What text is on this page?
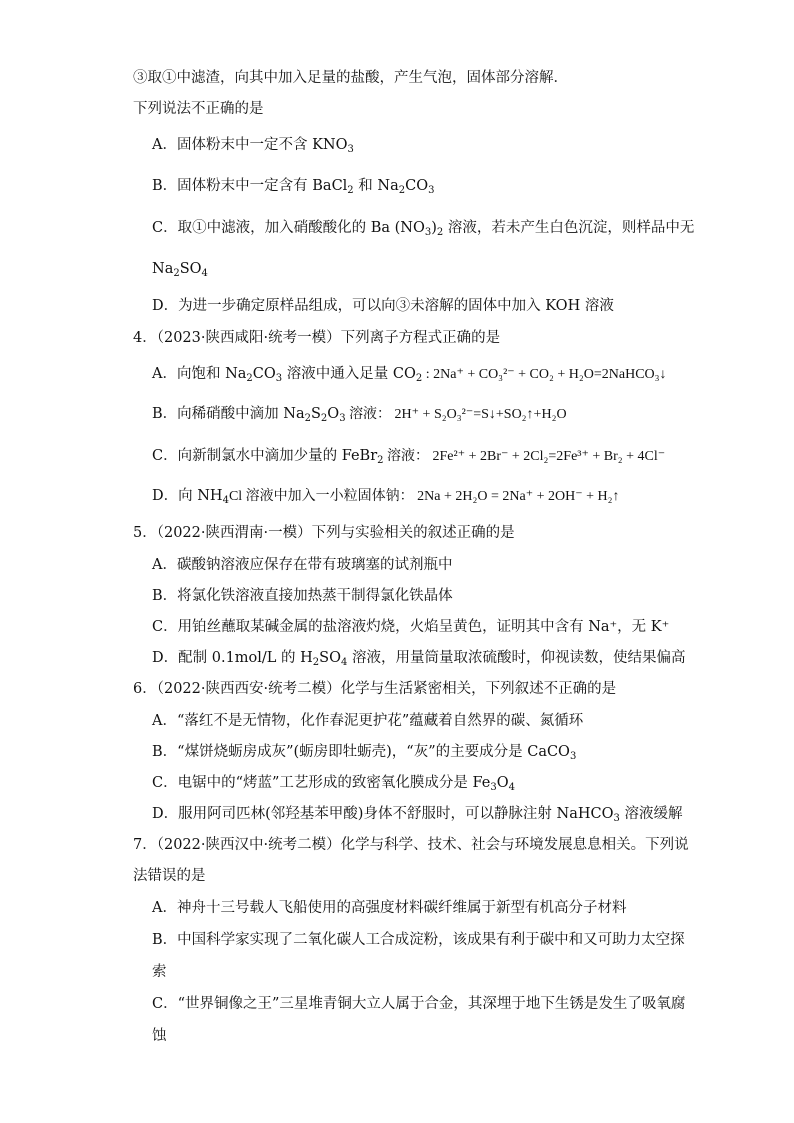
③取①中滤渣，向其中加入足量的盐酸，产生气泡，固体部分溶解．
下列说法不正确的是
A．固体粉末中一定不含 $KNO_3$
B．固体粉末中一定含有 BaCl$_2$ 和 $Na_2CO_3$
C．取①中滤液，加入硝酸酸化的 Ba $(NO_3)_2$ 溶液，若未产生白色沉淀，则样品中无
$Na_2SO_4$
D．为进一步确定原样品组成，可以向③未溶解的固体中加入 KOH 溶液
4．（2023·陕西咸阳·统考一模）下列离子方程式正确的是
A．向饱和 $Na_2CO_3$ 溶液中通入足量 $CO_2$ : 2Na⁺ + CO₃²⁻ + CO₂ + H₂O=2NaHCO₃↓
B．向稀硝酸中滴加 $Na_2S_2O_3$ 溶液： 2H⁺ + S₂O₃²⁻=S↓+SO₂↑+H₂O
C．向新制氯水中滴加少量的 FeBr$_2$ 溶液： 2Fe²⁺ + 2Br⁻ + 2Cl₂=2Fe³⁺ + Br₂ + 4Cl⁻
D．向 $NH_4Cl$ 溶液中加入一小粒固体钠： 2Na + 2H₂O = 2Na⁺ + 2OH⁻ + H₂↑
5．（2022·陕西渭南·一模）下列与实验相关的叙述正确的是
A．碳酸钠溶液应保存在带有玻璃塞的试剂瓶中
B．将氯化铁溶液直接加热蒸干制得氯化铁晶体
C．用铂丝蘸取某碱金属的盐溶液灼烧，火焰呈黄色，证明其中含有 Na⁺，无 K⁺
D．配制 0.1mol/L 的 $H_2SO_4$ 溶液，用量筒量取浓硫酸时，仰视读数，使结果偏高
6．（2022·陕西西安·统考二模）化学与生活紧密相关，下列叙述不正确的是
A．“落红不是无情物，化作春泥更护花”蕴藏着自然界的碳、氮循环
B．“煤饼烧蛎房成灰”(蛎房即牡蛎壳)，“灰”的主要成分是 CaCO$_3$
C．电锯中的“烤蓝”工艺形成的致密氧化膜成分是 $Fe_3O_4$
D．服用阿司匹林(邻羟基苯甲酸)身体不舒服时，可以静脉注射 NaHCO$_3$ 溶液缓解
7．（2022·陕西汉中·统考二模）化学与科学、技术、社会与环境发展息息相关。下列说
法错误的是
A．神舟十三号载人飞船使用的高强度材料碳纤维属于新型有机高分子材料
B．中国科学家实现了二氧化碳人工合成淀粉，该成果有利于碳中和又可助力太空探
索
C．“世界铜像之王”三星堆青铜大立人属于合金，其深埋于地下生锈是发生了吸氧腐
蚀
